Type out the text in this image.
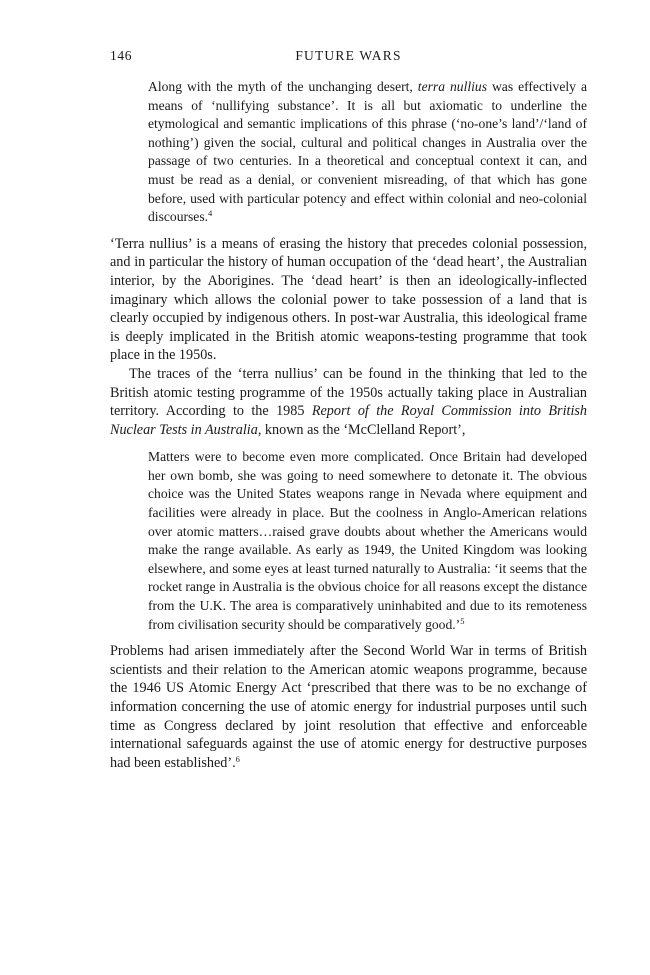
146	FUTURE WARS
Along with the myth of the unchanging desert, terra nullius was effectively a means of ‘nullifying substance’. It is all but axiomatic to underline the etymological and semantic implications of this phrase (‘no-one’s land’/‘land of nothing’) given the social, cultural and political changes in Australia over the passage of two centuries. In a theoretical and conceptual context it can, and must be read as a denial, or convenient misreading, of that which has gone before, used with particular potency and effect within colonial and neo-colonial discourses.$^4$

‘Terra nullius’ is a means of erasing the history that precedes colonial possession, and in particular the history of human occupation of the ‘dead heart’, the Australian interior, by the Aborigines. The ‘dead heart’ is then an ideologically-inflected imaginary which allows the colonial power to take possession of a land that is clearly occupied by indigenous others. In post-war Australia, this ideological frame is deeply implicated in the British atomic weapons-testing programme that took place in the 1950s.

The traces of the ‘terra nullius’ can be found in the thinking that led to the British atomic testing programme of the 1950s actually taking place in Australian territory. According to the 1985 Report of the Royal Commission into British Nuclear Tests in Australia, known as the ‘McClelland Report’,

Matters were to become even more complicated. Once Britain had developed her own bomb, she was going to need somewhere to detonate it. The obvious choice was the United States weapons range in Nevada where equipment and facilities were already in place. But the coolness in Anglo-American relations over atomic matters…raised grave doubts about whether the Americans would make the range available. As early as 1949, the United Kingdom was looking elsewhere, and some eyes at least turned naturally to Australia: ‘it seems that the rocket range in Australia is the obvious choice for all reasons except the distance from the U.K. The area is comparatively uninhabited and due to its remoteness from civilisation security should be comparatively good.’$^5$

Problems had arisen immediately after the Second World War in terms of British scientists and their relation to the American atomic weapons programme, because the 1946 US Atomic Energy Act ‘prescribed that there was to be no exchange of information concerning the use of atomic energy for industrial purposes until such time as Congress declared by joint resolution that effective and enforceable international safeguards against the use of atomic energy for destructive purposes had been established’.$^6$
